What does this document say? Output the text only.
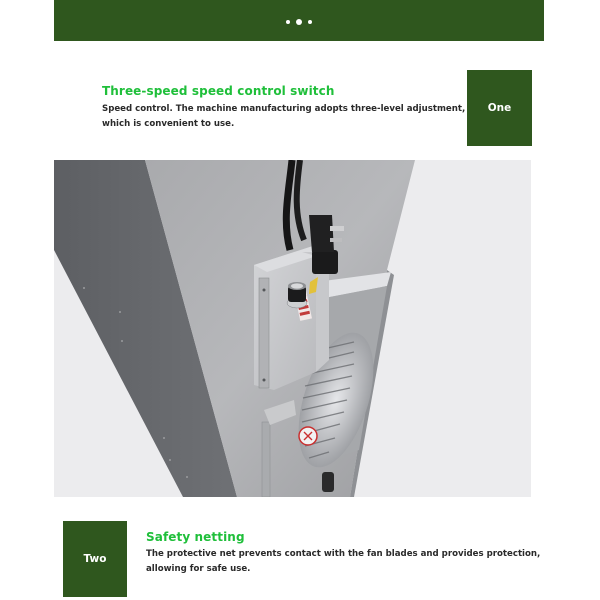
Three-speed speed control switch
Speed control. The machine manufacturing adopts three-level adjustment,
which is convenient to use.
One
Two
Safety netting
The protective net prevents contact with the fan blades and provides protection,
allowing for safe use.
